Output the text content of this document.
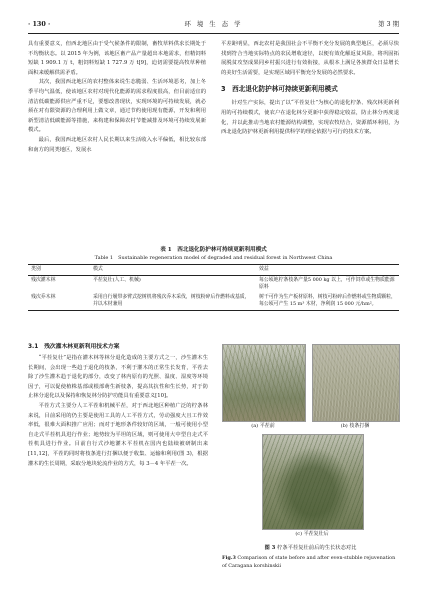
· 130 ·	环 境 生 态 学	第 3 期

具有重要意义，但西北地区由于受气候条件的限制，畜牧草料供求长期处于不均衡状态。以 2015 年为例，该地区畜产品产量超出本地需求，但精饲料短缺 1 909.1 万 t，粗饲料短缺 1 727.9 万 t[9]，迫切需要提高牧草种植面积来缓解供需矛盾。

其次，我国西北地区的农村整体来说生态脆弱、生活环境恶劣，加上冬季平均气温低，使该地区农村对现代化能源的需求程度很高，但目前适宜的清洁低碳能源供应严重不足，要想改善现状，实现环境的可持续发展，就必须在对有限资源的合理利用上做文章，通过节约使用现有能源，开发和利用新型清洁低碳能源等措施，来构建和保障农村节能减排及环境可持续发展新模式。

最后，我国西北地区农村人民长期以来生活收入水平偏低，相比较东部和南方的同类地区，发展水

平差距明显，西北农村是我国社会不平衡不充分发展的典型地区，必须尽快找到符合当地实际特点的农民增收途径，以便有效化解返贫风险，将巩固拓展脱贫攻坚成果同乡村振兴进行有效衔接，从根本上满足各族群众日益增长的美好生活需要，是实现区域同平衡充分发展的必然要求。

3　西北退化防护林可持续更新利用模式

针对生产实际，提出了以“平茬复壮”为核心的退化柠条、残次林更新利用的可持续模式，使农户在退化林分更新中获得稳定收益，防止林分再度退化，并以此推动当地农村能源结构调整，实现农牧结合，资源循环利用，为西北退化防护林更新利用提供科学的理论依据与可行的技术方案。

表 1　西北退化防护林可持续更新利用模式
Table 1　Sustainable regeneration model of degraded and residual forest in Northwest China
类别	模式	效益
残次灌木林	平茬复壮(人工、机械)	每公顷地柠条枝条产量5 000 kg 以上，可作饲草或生物质能源原料
残次乔木林	采用自行履带多臂式挖树机将残次乔木采伐，树枝粉碎后作燃料或基质，并以木材兼用	树干可作为生产板材原料，树枝可粉碎后作燃料或生物质颗粒，每公顷可产生 15 m³ 木材，净利润 15 000 元/hm²。
3.1　残次灌木林更新利用技术方案

“平茬复壮”是指在灌木林等林分退化造成的主要方式之一，沙生灌木生长期间，会出现一些趋于退化的枝条，不利于灌木的正常生长发育，平茬去除了沙生灌木趋于退化的部分，改变了林内原有的光照、温度、湿度等环境因子，可以促使植株基部或根部萌生新枝条，提高其抗性和生长势，对于防止林分退化以及保持和恢复林分防护功能具有重要意义[10]。

平茬方式主要分人工平茬和机械平茬，对于西北地区种植广泛的柠条林来说，目前采用的仍主要是使用工具的人工平茬方式，劳动强度大且工作效率低，很难大面积推广应用；而对于地形条件较好的区域，一般可使用小型自走式平茬机具进行作业；地势较为平坦的区域，则可使用大中型自走式平茬机具进行作业。目前自行式沙地灌木平茬机在国内也陆续被研制出来[11,12]，平茬的同时将枝条进行打捆以便于收集、运输和利用(图 3)，根据灌木的生长周期，采取分地块轮流作业的方式，每 3－4 年平茬一次。

(a) 平茬前	(b) 枝条打捆
(c) 平茬复壮后
图 3 柠条平茬复壮前后的生长状态对比
Fig.3 Comparison of state before and after even-stubble rejuvenation of Caragana korshinskii
